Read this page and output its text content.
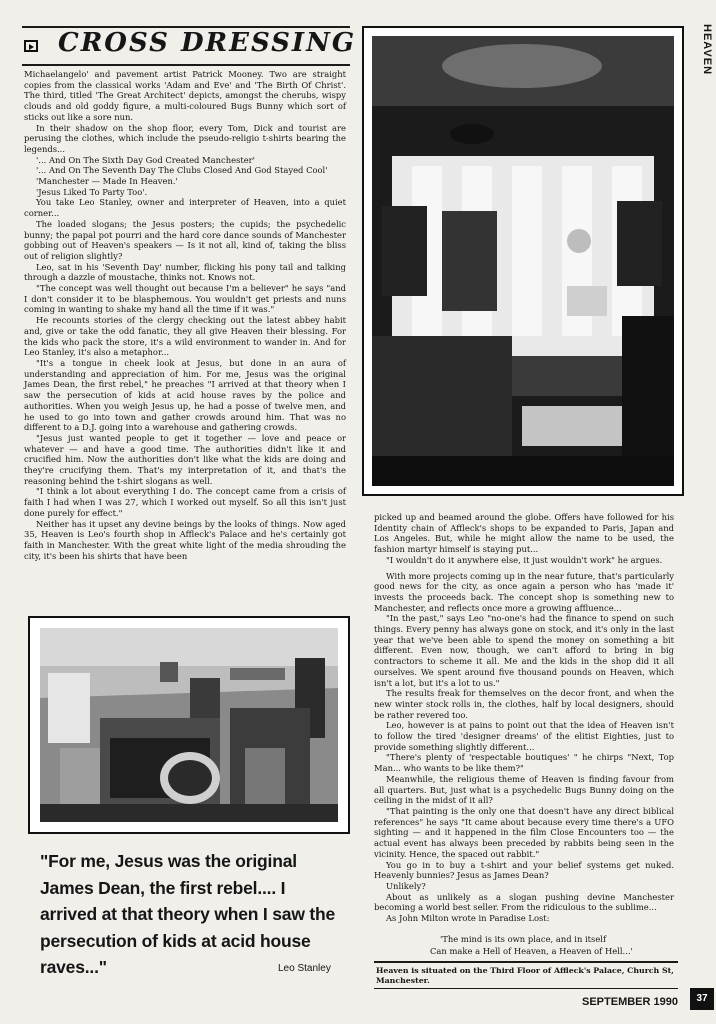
CROSS DRESSING

Michaelangelo' and pavement artist Patrick Mooney. Two are straight copies from the classical works 'Adam and Eve' and 'The Birth Of Christ'. The third, titled 'The Great Architect' depicts, amongst the cherubs, wispy clouds and old goddy figure, a multi-coloured Bugs Bunny which sort of sticks out like a sore nun.

In their shadow on the shop floor, every Tom, Dick and tourist are perusing the clothes, which include the pseudo-religio t-shirts bearing the legends...

'... And On The Sixth Day God Created Manchester'

'... And On The Seventh Day The Clubs Closed And God Stayed Cool'

'Manchester — Made In Heaven.'

'Jesus Liked To Party Too'.

You take Leo Stanley, owner and interpreter of Heaven, into a quiet corner...

The loaded slogans; the Jesus posters; the cupids; the psychedelic bunny; the papal pot pourri and the hard core dance sounds of Manchester gobbing out of Heaven's speakers — Is it not all, kind of, taking the bliss out of religion slightly?

Leo, sat in his 'Seventh Day' number, flicking his pony tail and talking through a dazzle of moustache, thinks not. Knows not.

"The concept was well thought out because I'm a believer" he says "and I don't consider it to be blasphemous. You wouldn't get priests and nuns coming in wanting to shake my hand all the time if it was."

He recounts stories of the clergy checking out the latest abbey habit and, give or take the odd fanatic, they all give Heaven their blessing. For the kids who pack the store, it's a wild environment to wander in. And for Leo Stanley, it's also a metaphor...

"It's a tongue in cheek look at Jesus, but done in an aura of understanding and appreciation of him. For me, Jesus was the original James Dean, the first rebel," he preaches "I arrived at that theory when I saw the persecution of kids at acid house raves by the police and authorities. When you weigh Jesus up, he had a posse of twelve men, and he used to go into town and gather crowds around him. That was no different to a D.J. going into a warehouse and gathering crowds.

"Jesus just wanted people to get it together — love and peace or whatever — and have a good time. The authorities didn't like it and crucified him. Now the authorities don't like what the kids are doing and they're crucifying them. That's my interpretation of it, and that's the reasoning behind the t-shirt slogans as well.

"I think a lot about everything I do. The concept came from a crisis of faith I had when I was 27, which I worked out myself. So all this isn't just done purely for effect."

Neither has it upset any devine beings by the looks of things. Now aged 35, Heaven is Leo's fourth shop in Affleck's Palace and he's certainly got faith in Manchester. With the great white light of the media shrouding the city, it's been his shirts that have been

"For me, Jesus was the original James Dean, the first rebel.... I arrived at that theory when I saw the persecution of kids at acid house raves..."	Leo Stanley

picked up and beamed around the globe. Offers have followed for his Identity chain of Affleck's shops to be expanded to Paris, Japan and Los Angeles. But, while he might allow the name to be used, the fashion martyr himself is staying put...

"I wouldn't do it anywhere else, it just wouldn't work" he argues.

With more projects coming up in the near future, that's particularly good news for the city, as once again a person who has 'made it' invests the proceeds back. The concept shop is something new to Manchester, and reflects once more a growing affluence...

"In the past," says Leo "no-one's had the finance to spend on such things. Every penny has always gone on stock, and it's only in the last year that we've been able to spend the money on something a bit different. Even now, though, we can't afford to bring in big contractors to scheme it all. Me and the kids in the shop did it all ourselves. We spent around five thousand pounds on Heaven, which isn't a lot, but it's a lot to us."

The results freak for themselves on the decor front, and when the new winter stock rolls in, the clothes, half by local designers, should be rather revered too.

Leo, however is at pains to point out that the idea of Heaven isn't to follow the tired 'designer dreams' of the elitist Eighties, just to provide something slightly different...

"There's plenty of 'respectable boutiques' " he chirps "Next, Top Man... who wants to be like them?"

Meanwhile, the religious theme of Heaven is finding favour from all quarters. But, just what is a psychedelic Bugs Bunny doing on the ceiling in the midst of it all?

"That painting is the only one that doesn't have any direct biblical references" he says "It came about because every time there's a UFO sighting — and it happened in the film Close Encounters too — the actual event has always been preceded by rabbits being seen in the vicinity. Hence, the spaced out rabbit."

You go in to buy a t-shirt and your belief systems get nuked. Heavenly bunnies? Jesus as James Dean?

Unlikely?

About as unlikely as a slogan pushing devine Manchester becoming a world best seller. From the ridiculous to the sublime...

As John Milton wrote in Paradise Lost:

'The mind is its own place, and in itself
Can make a Hell of Heaven, a Heaven of Hell...'
Heaven is situated on the Third Floor of Affleck's Palace, Church St, Manchester.
HEAVEN
SEPTEMBER 1990	37
